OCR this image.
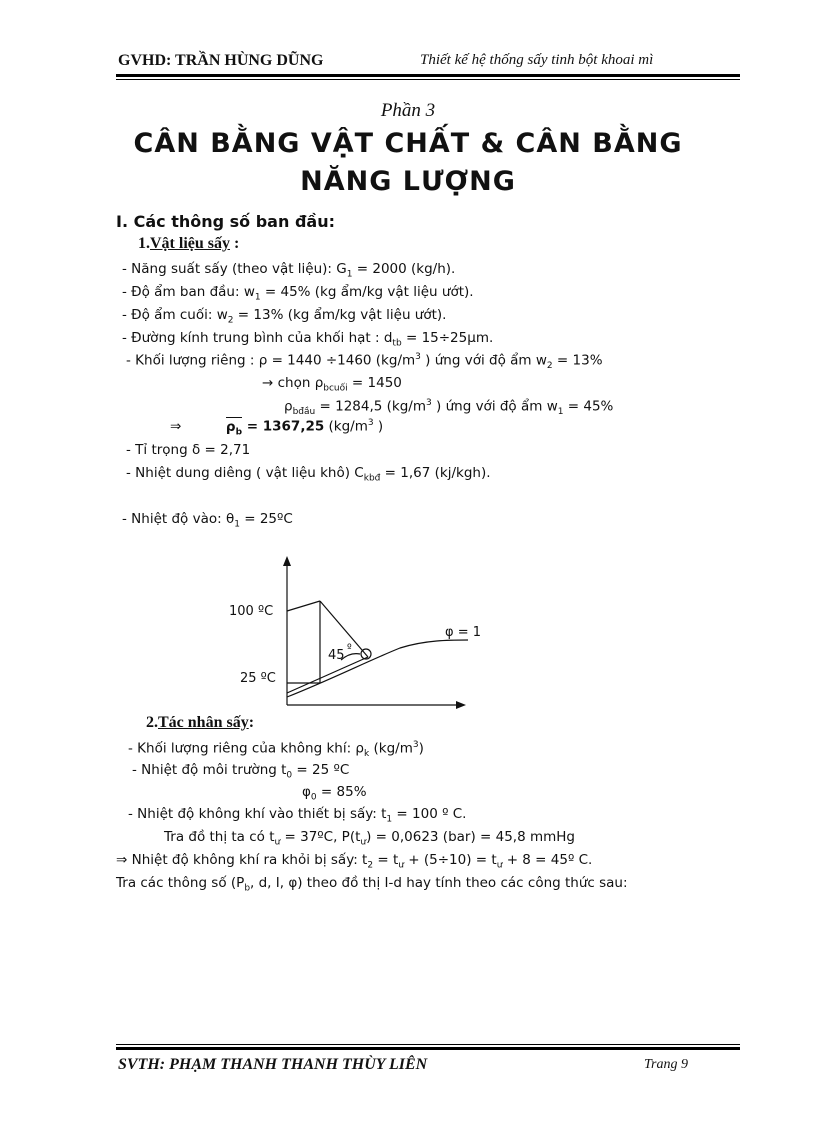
GVHD: TRẦN HÙNG DŨNG	Thiết kế hệ thống sấy tinh bột khoai mì
Phần 3
CÂN BẰNG VẬT CHẤT & CÂN BẰNG
NĂNG LƯỢNG
I. Các thông số ban đầu:
1.Vật liệu sấy :
- Năng suất sấy (theo vật liệu): $G_1 = 2000$ (kg/h).
- Độ ẩm ban đầu: $w_1 = 45\%$ (kg ẩm/kg vật liệu ướt).
- Độ ẩm cuối: $w_2 = 13\%$ (kg ẩm/kg vật liệu ướt).
- Đường kính trung bình của khối hạt : $d_{tb} = 15\div 25\mu m$.
- Khối lượng riêng : ρ = 1440 ÷1460 ($kg/m^3$ ) ứng với độ ẩm $w_2 = 13\%$
→ chọn $\rho_{bcuối} = 1450$
$\rho_{bđầu} = 1284,5$ ($kg/m^3$ ) ứng với độ ẩm $w_1 = 45\%$
⇒	$\rho_b = 1367,25$ ($kg/m^3$ )
- Tỉ trọng δ = 2,71
- Nhiệt dung diêng ( vật liệu khô) $C_{kbđ} = 1,67$ (kj/kgh).
- Nhiệt độ vào: $\theta_1$ = 25ºC
100 ºC
25 ºC
45 º
φ = 1
2.Tác nhân sấy:
- Khối lượng riêng của không khí: $\rho_k$ $(kg/m^3)$
- Nhiệt độ môi trường $t_0 = 25$ ºC
$\varphi_0 = 85\%$
- Nhiệt độ không khí vào thiết bị sấy: $t_1 = 100$ º C.
Tra đồ thị ta có $t_ư$ = 37ºC, $P(t_ư) = 0,0623$ (bar) = 45,8 mmHg
⇒ Nhiệt độ không khí ra khỏi bị sấy: $t_2 = t_ư + (5\div 10) = t_ư + 8$ = 45º C.
Tra các thông số ($P_b$, d, I, φ) theo đồ thị I-d hay tính theo các công thức sau:
SVTH: PHẠM THANH THANH THÙY LIÊN	Trang 9
